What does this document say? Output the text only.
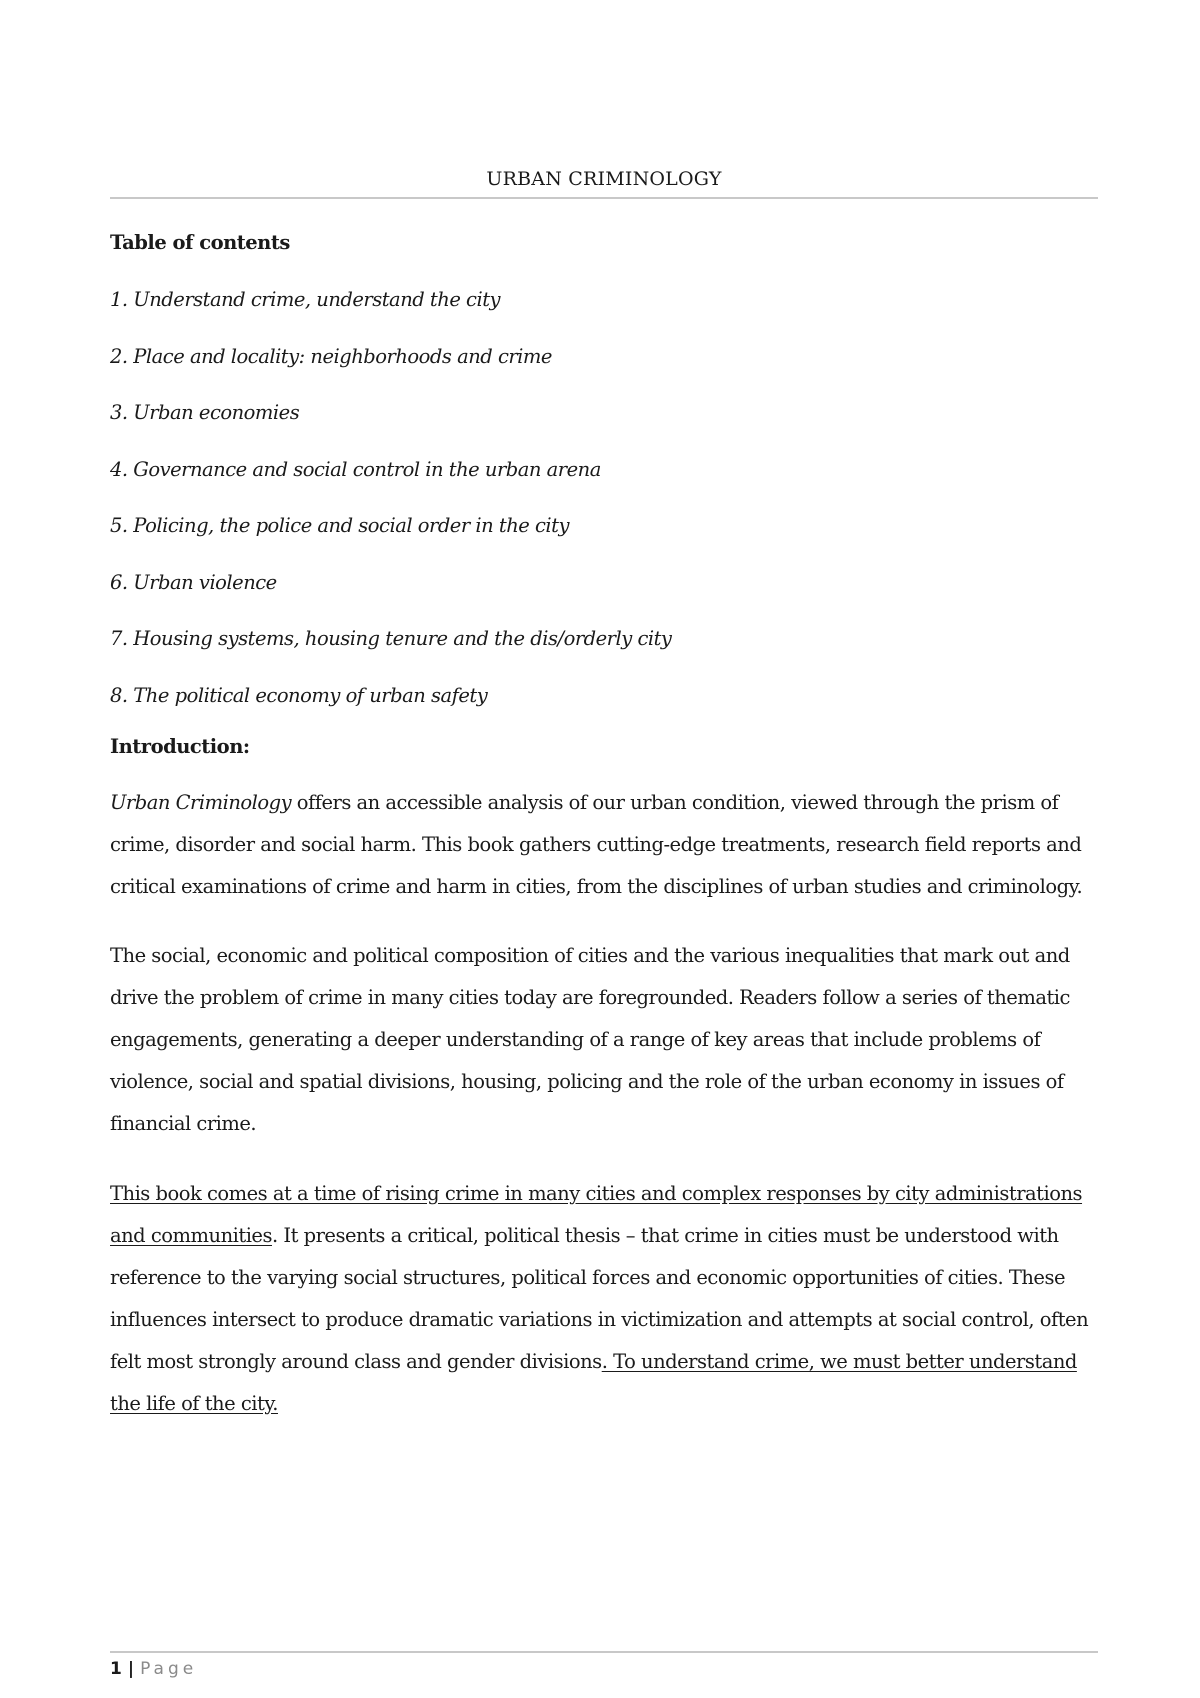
URBAN CRIMINOLOGY

Table of contents

1. Understand crime, understand the city
2. Place and locality: neighborhoods and crime
3. Urban economies
4. Governance and social control in the urban arena
5. Policing, the police and social order in the city
6. Urban violence
7. Housing systems, housing tenure and the dis/orderly city
8. The political economy of urban safety

Introduction:

Urban Criminology offers an accessible analysis of our urban condition, viewed through the prism of crime, disorder and social harm. This book gathers cutting-edge treatments, research field reports and critical examinations of crime and harm in cities, from the disciplines of urban studies and criminology.

The social, economic and political composition of cities and the various inequalities that mark out and drive the problem of crime in many cities today are foregrounded. Readers follow a series of thematic engagements, generating a deeper understanding of a range of key areas that include problems of violence, social and spatial divisions, housing, policing and the role of the urban economy in issues of financial crime.

This book comes at a time of rising crime in many cities and complex responses by city administrations and communities. It presents a critical, political thesis – that crime in cities must be understood with reference to the varying social structures, political forces and economic opportunities of cities. These influences intersect to produce dramatic variations in victimization and attempts at social control, often felt most strongly around class and gender divisions. To understand crime, we must better understand the life of the city.

1 | Page
